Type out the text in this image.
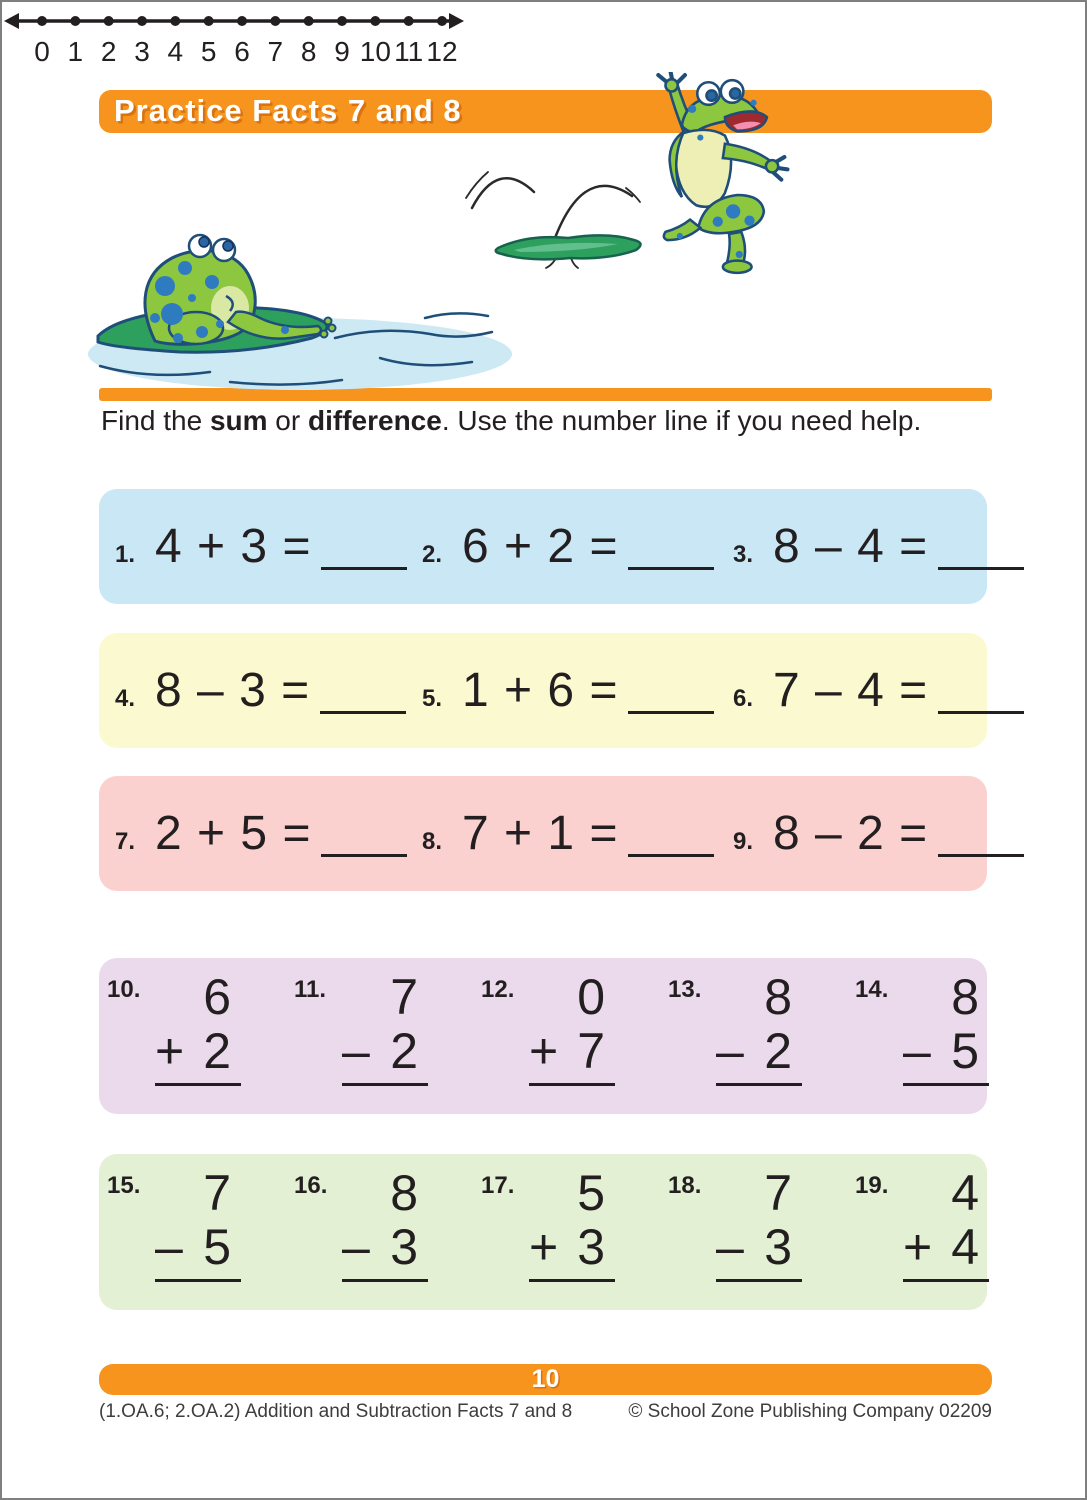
Practice Facts 7 and 8
0 1 2 3 4 5 6 7 8 9 10 11 12
Find the sum or difference. Use the number line if you need help.
1. 4 + 3 =	2. 6 + 2 =	3. 8 – 4 =
4. 8 – 3 =	5. 1 + 6 =	6. 7 – 4 =
7. 2 + 5 =	8. 7 + 1 =	9. 8 – 2 =
10.	6
+ 2
11.	7
– 2
12.	0
+ 7
13.	8
– 2
14.	8
– 5
15.	7
– 5
16.	8
– 3
17.	5
+ 3
18.	7
– 3
19.	4
+ 4
10
(1.OA.6; 2.OA.2) Addition and Subtraction Facts 7 and 8	© School Zone Publishing Company 02209
